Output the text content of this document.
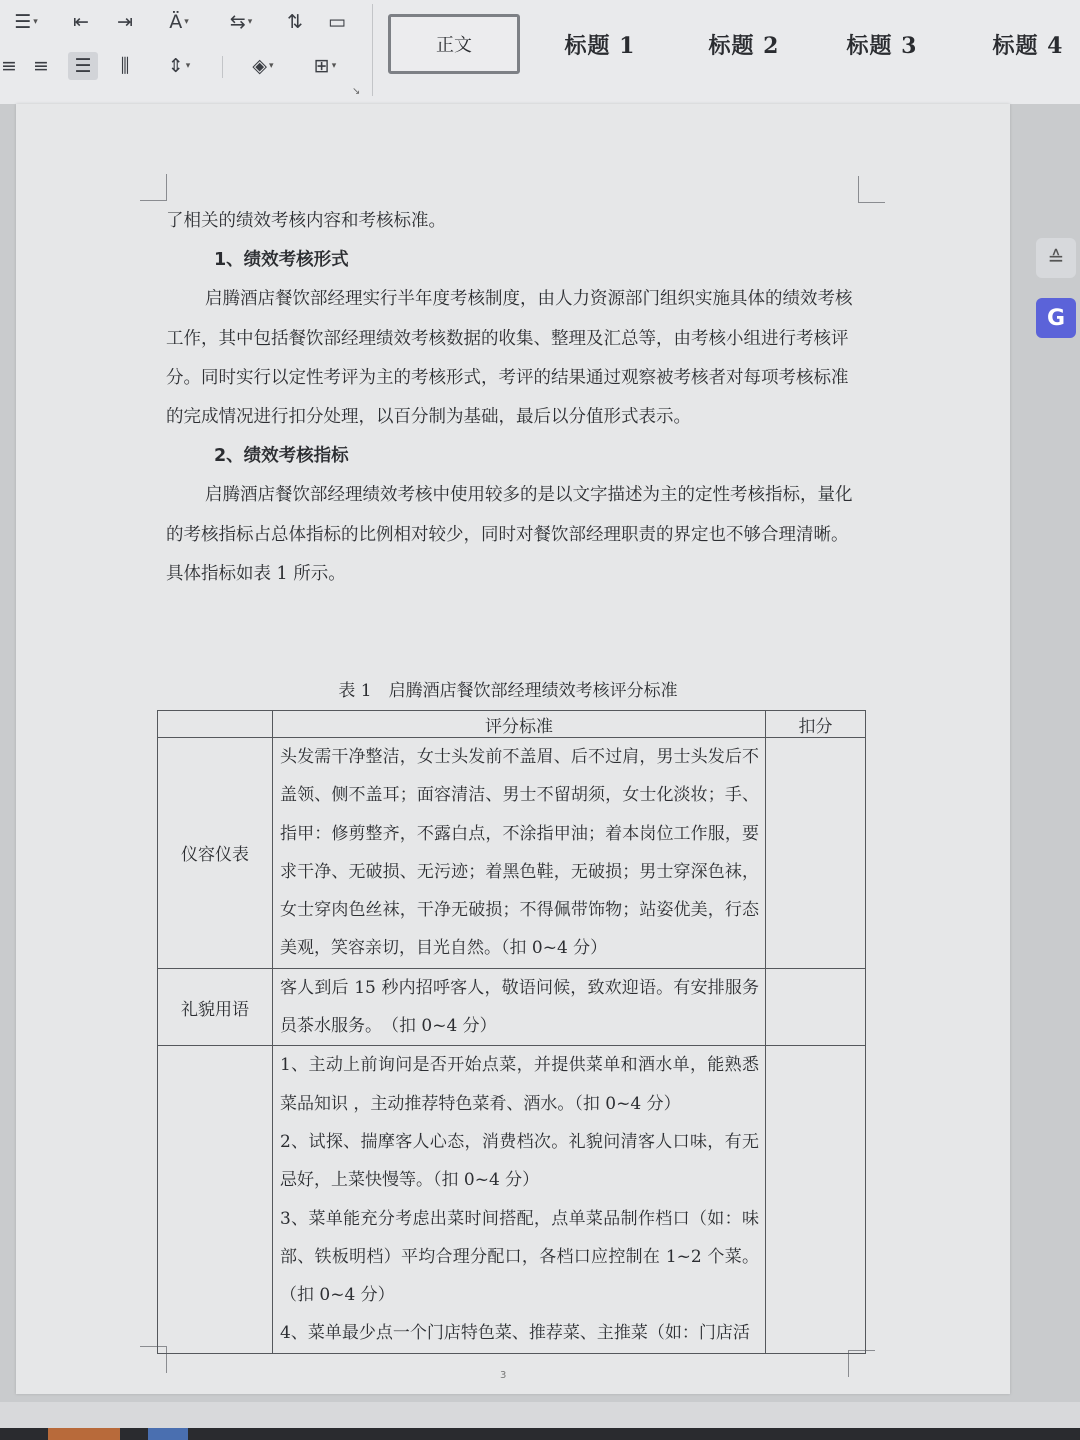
☰ ▾	⇤	⇥	Ä ▾	⇆ ▾	⇅	▭
≡ ≡	☰	⫼	⇕ ▾	◈ ▾	⊞ ▾
↘
正文	标题 1	标题 2	标题 3	标题 4

了相关的绩效考核内容和考核标准。

1、绩效考核形式

启腾酒店餐饮部经理实行半年度考核制度，由人力资源部门组织实施具体的绩效考核工作，其中包括餐饮部经理绩效考核数据的收集、整理及汇总等，由考核小组进行考核评分。同时实行以定性考评为主的考核形式，考评的结果通过观察被考核者对每项考核标准的完成情况进行扣分处理，以百分制为基础，最后以分值形式表示。

2、绩效考核指标

启腾酒店餐饮部经理绩效考核中使用较多的是以文字描述为主的定性考核指标，量化的考核指标占总体指标的比例相对较少，同时对餐饮部经理职责的界定也不够合理清晰。具体指标如表 1 所示。

表 1　启腾酒店餐饮部经理绩效考核评分标准
	评分标准	扣分
仪容仪表	头发需干净整洁，女士头发前不盖眉、后不过肩，男士头发后不盖领、侧不盖耳；面容清洁、男士不留胡须，女士化淡妆；手、指甲：修剪整齐，不露白点，不涂指甲油；着本岗位工作服，要求干净、无破损、无污迹；着黑色鞋，无破损；男士穿深色袜，女士穿肉色丝袜，干净无破损；不得佩带饰物；站姿优美，行态美观，笑容亲切，目光自然。（扣 0~4 分）	

礼貌用语	客人到后 15 秒内招呼客人，敬语问候，致欢迎语。有安排服务员茶水服务。　（扣 0~4 分）	

	1、主动上前询问是否开始点菜，并提供菜单和酒水单，能熟悉菜品知识 ，主动推荐特色菜肴、酒水。（扣 0~4 分）

2、试探、揣摩客人心态，消费档次。礼貌问清客人口味，有无忌好，上菜快慢等。（扣 0~4 分）

3、菜单能充分考虑出菜时间搭配，点单菜品制作档口（如：味部、铁板明档）平均合理分配口，各档口应控制在 1~2 个菜。（扣 0~4 分）

4、菜单最少点一个门店特色菜、推荐菜、主推菜（如：门店活	

3
≙
G
